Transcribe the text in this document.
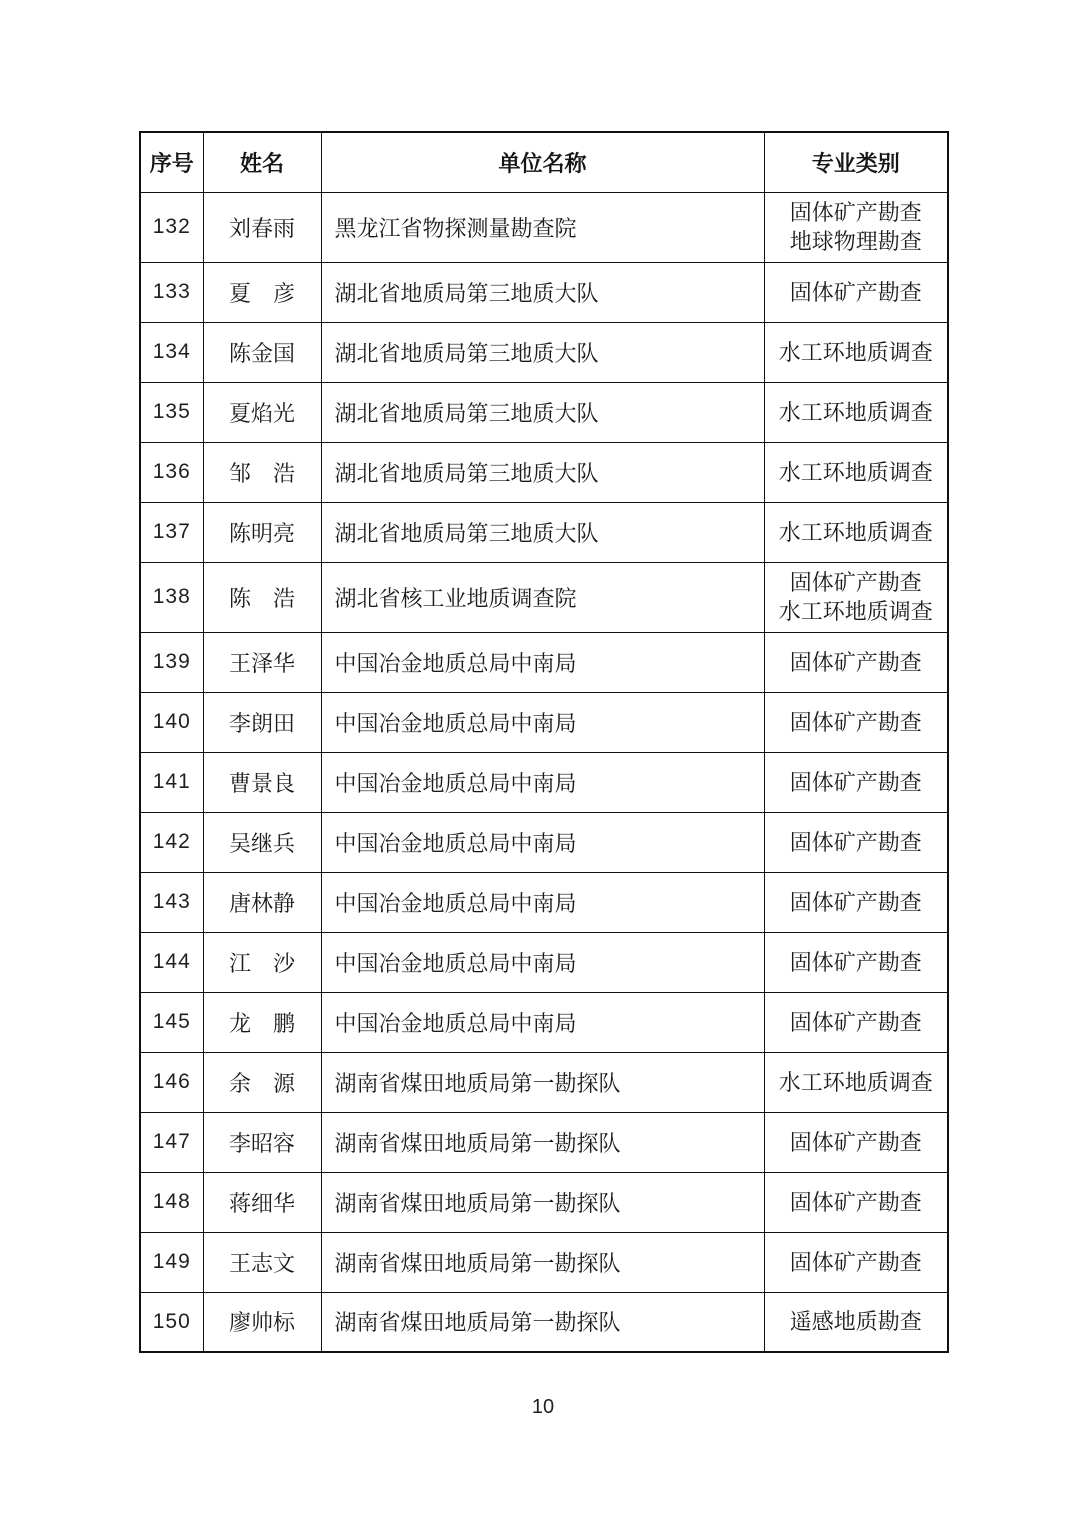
序号	姓名	单位名称	专业类别
132	刘春雨	黑龙江省物探测量勘查院	固体矿产勘查
地球物理勘查

133	夏　彦	湖北省地质局第三地质大队	固体矿产勘查

134	陈金国	湖北省地质局第三地质大队	水工环地质调查

135	夏焰光	湖北省地质局第三地质大队	水工环地质调查

136	邹　浩	湖北省地质局第三地质大队	水工环地质调查

137	陈明亮	湖北省地质局第三地质大队	水工环地质调查

138	陈　浩	湖北省核工业地质调查院	固体矿产勘查
水工环地质调查

139	王泽华	中国冶金地质总局中南局	固体矿产勘查

140	李朗田	中国冶金地质总局中南局	固体矿产勘查

141	曹景良	中国冶金地质总局中南局	固体矿产勘查

142	吴继兵	中国冶金地质总局中南局	固体矿产勘查

143	唐林静	中国冶金地质总局中南局	固体矿产勘查

144	江　沙	中国冶金地质总局中南局	固体矿产勘查

145	龙　鹏	中国冶金地质总局中南局	固体矿产勘查

146	余　源	湖南省煤田地质局第一勘探队	水工环地质调查

147	李昭容	湖南省煤田地质局第一勘探队	固体矿产勘查

148	蒋细华	湖南省煤田地质局第一勘探队	固体矿产勘查

149	王志文	湖南省煤田地质局第一勘探队	固体矿产勘查

150	廖帅标	湖南省煤田地质局第一勘探队	遥感地质勘查
10
